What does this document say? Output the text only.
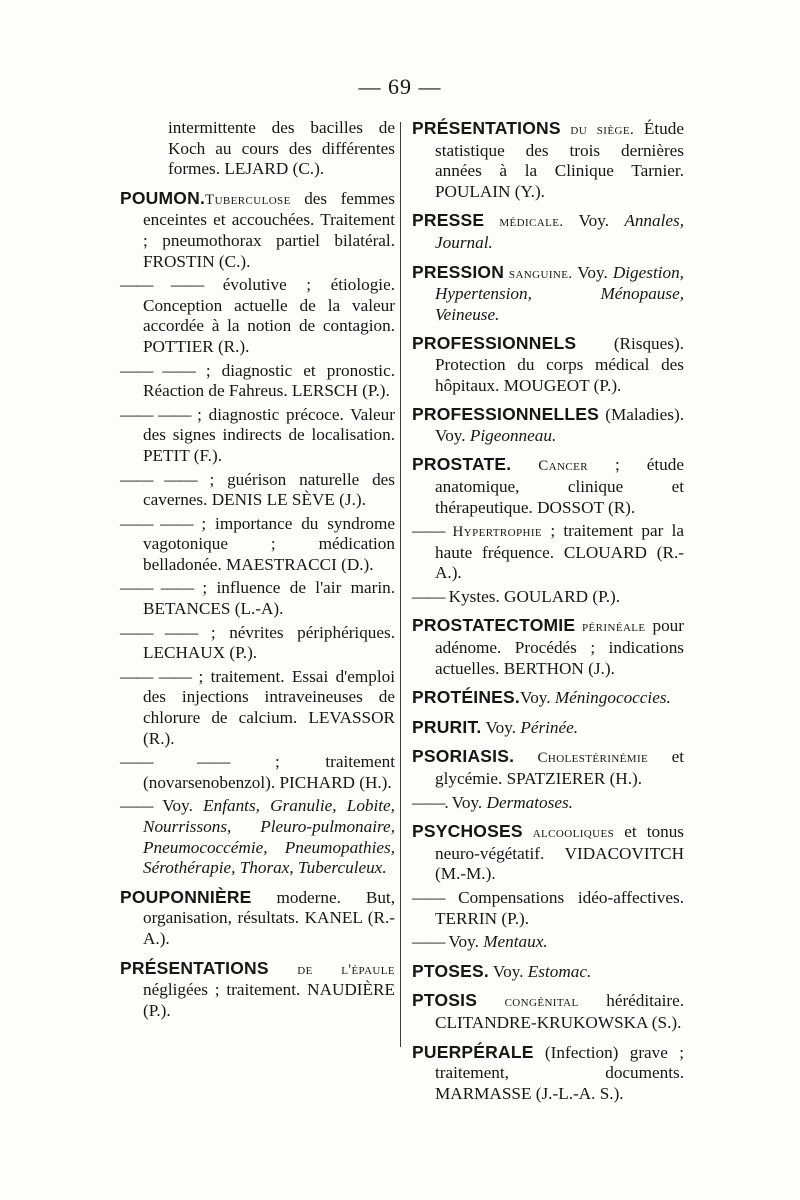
— 69 —

intermittente des bacilles de Koch au cours des différentes formes. LEJARD (C.).

POUMON.Tuberculose des femmes enceintes et accouchées. Traitement ; pneumothorax partiel bilatéral. FROSTIN (C.).

—— —— évolutive ; étiologie. Conception actuelle de la valeur accordée à la notion de contagion. POTTIER (R.).

—— —— ; diagnostic et pronostic. Réaction de Fahreus. LERSCH (P.).

—— —— ; diagnostic précoce. Valeur des signes indirects de localisation. PETIT (F.).

—— —— ; guérison naturelle des cavernes. DENIS LE SÈVE (J.).

—— —— ; importance du syndrome vagotonique ; médication belladonée. MAESTRACCI (D.).

—— —— ; influence de l'air marin. BETANCES (L.-A).

—— —— ; névrites périphériques. LECHAUX (P.).

—— —— ; traitement. Essai d'emploi des injections intraveineuses de chlorure de calcium. LEVASSOR (R.).

—— —— ; traitement (novarsenobenzol). PICHARD (H.).

—— Voy. Enfants, Granulie, Lobite, Nourrissons, Pleuro-pulmonaire, Pneumococcémie, Pneumopathies, Sérothérapie, Thorax, Tuberculeux.

POUPONNIÈRE moderne. But, organisation, résultats. KANEL (R.-A.).

PRÉSENTATIONS de l'épaule négligées ; traitement. NAUDIÈRE (P.).

PRÉSENTATIONS du siège. Étude statistique des trois dernières années à la Clinique Tarnier. POULAIN (Y.).

PRESSE médicale. Voy. Annales, Journal.

PRESSION sanguine. Voy. Digestion, Hypertension, Ménopause, Veineuse.

PROFESSIONNELS (Risques). Protection du corps médical des hôpitaux. MOUGEOT (P.).

PROFESSIONNELLES (Maladies). Voy. Pigeonneau.

PROSTATE. Cancer ; étude anatomique, clinique et thérapeutique. DOSSOT (R).

—— Hypertrophie ; traitement par la haute fréquence. CLOUARD (R.-A.).

—— Kystes. GOULARD (P.).

PROSTATECTOMIE périnéale pour adénome. Procédés ; indications actuelles. BERTHON (J.).

PROTÉINES.Voy. Méningococcies.

PRURIT. Voy. Périnée.

PSORIASIS. Cholestérinémie et glycémie. SPATZIERER (H.).

——. Voy. Dermatoses.

PSYCHOSES alcooliques et tonus neuro-végétatif. VIDACOVITCH (M.-M.).

—— Compensations idéo-affectives. TERRIN (P.).

—— Voy. Mentaux.

PTOSES. Voy. Estomac.

PTOSIS congénital héréditaire. CLITANDRE-KRUKOWSKA (S.).

PUERPÉRALE (Infection) grave ; traitement, documents. MARMASSE (J.-L.-A. S.).
